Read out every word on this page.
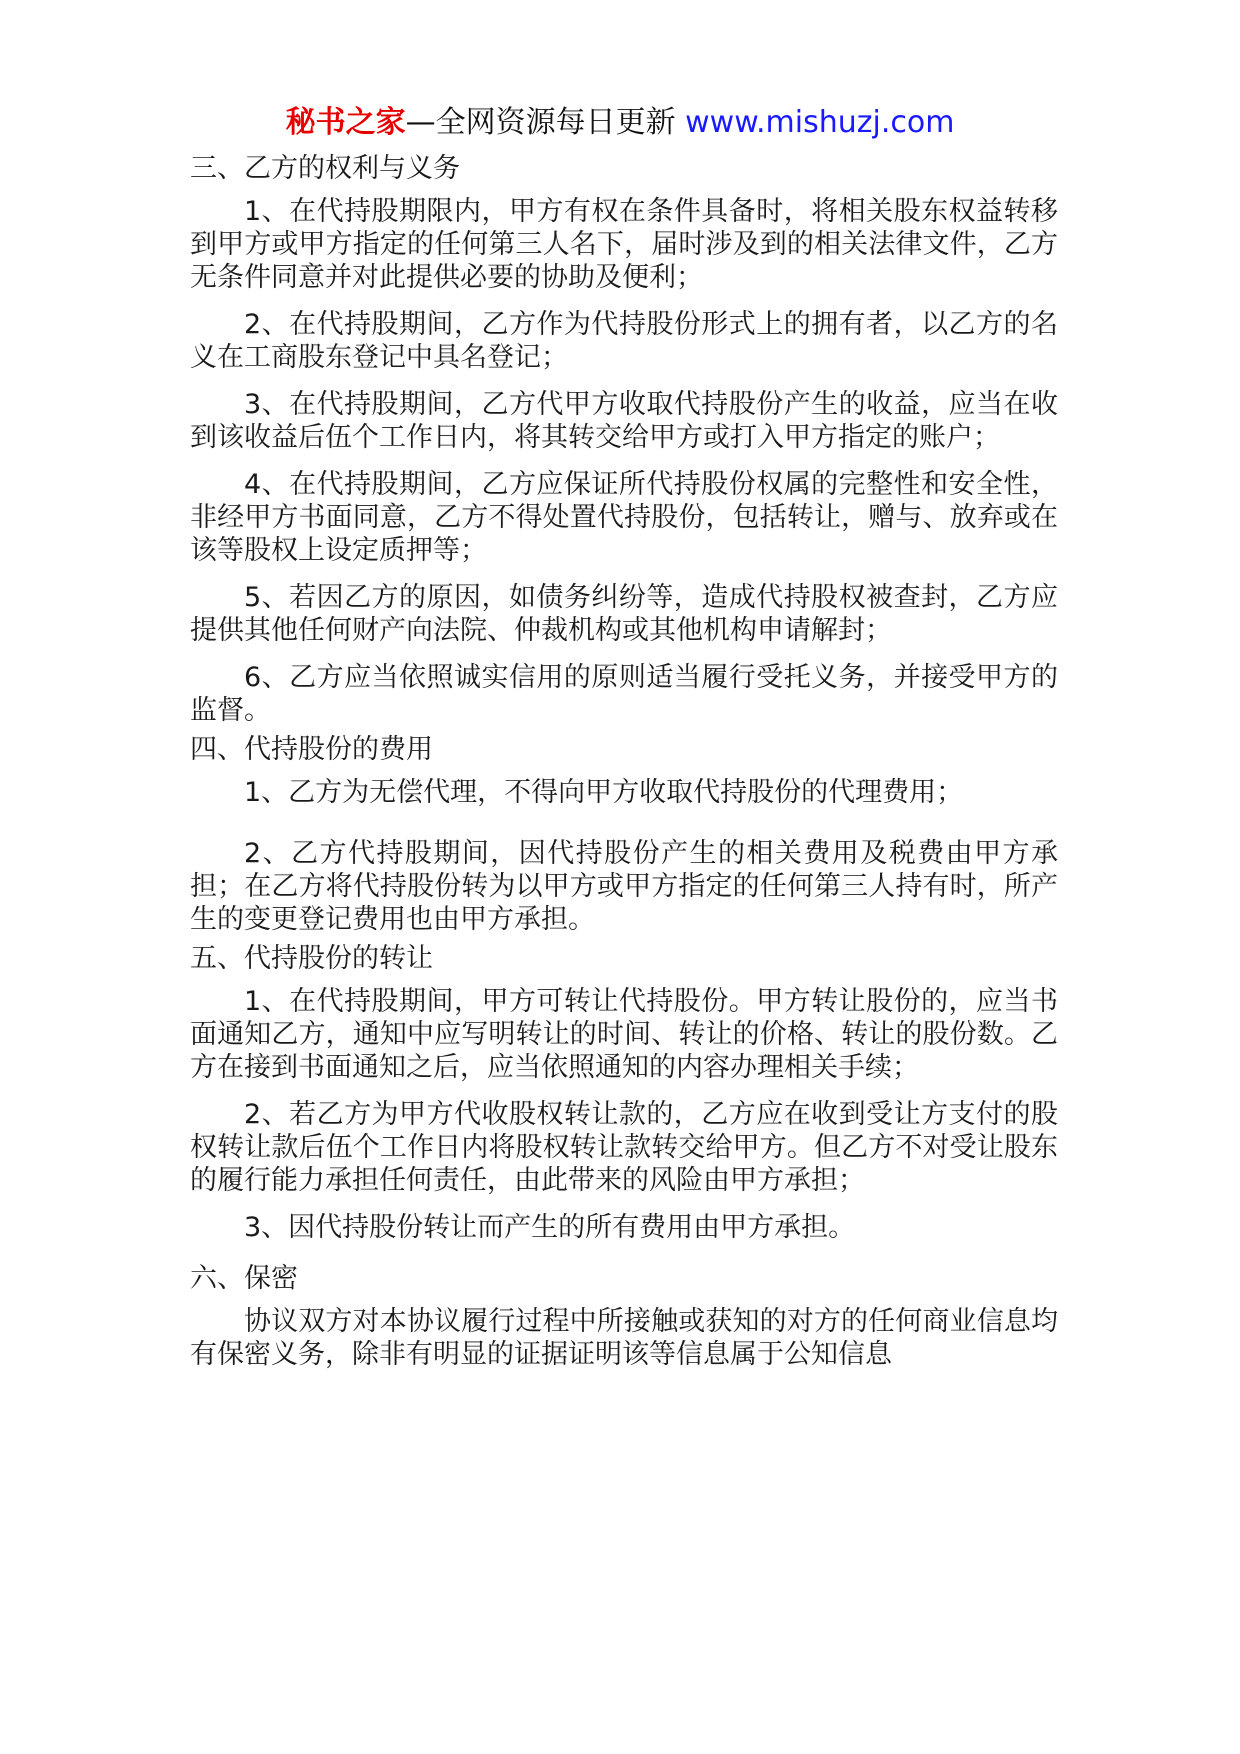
秘书之家—全网资源每日更新 www.mishuzj.com
三、乙方的权利与义务

1、在代持股期限内，甲方有权在条件具备时，将相关股东权益转移到甲方或甲方指定的任何第三人名下，届时涉及到的相关法律文件，乙方无条件同意并对此提供必要的协助及便利；

2、在代持股期间，乙方作为代持股份形式上的拥有者，以乙方的名义在工商股东登记中具名登记；

3、在代持股期间，乙方代甲方收取代持股份产生的收益，应当在收到该收益后伍个工作日内，将其转交给甲方或打入甲方指定的账户；

4、在代持股期间，乙方应保证所代持股份权属的完整性和安全性，非经甲方书面同意，乙方不得处置代持股份，包括转让，赠与、放弃或在该等股权上设定质押等；

5、若因乙方的原因，如债务纠纷等，造成代持股权被查封，乙方应提供其他任何财产向法院、仲裁机构或其他机构申请解封；

6、乙方应当依照诚实信用的原则适当履行受托义务，并接受甲方的监督。

四、代持股份的费用

1、乙方为无偿代理，不得向甲方收取代持股份的代理费用；

2、乙方代持股期间，因代持股份产生的相关费用及税费由甲方承担；在乙方将代持股份转为以甲方或甲方指定的任何第三人持有时，所产生的变更登记费用也由甲方承担。

五、代持股份的转让

1、在代持股期间，甲方可转让代持股份。甲方转让股份的，应当书面通知乙方，通知中应写明转让的时间、转让的价格、转让的股份数。乙方在接到书面通知之后，应当依照通知的内容办理相关手续；

2、若乙方为甲方代收股权转让款的，乙方应在收到受让方支付的股权转让款后伍个工作日内将股权转让款转交给甲方。但乙方不对受让股东的履行能力承担任何责任，由此带来的风险由甲方承担；

3、因代持股份转让而产生的所有费用由甲方承担。

六、保密

协议双方对本协议履行过程中所接触或获知的对方的任何商业信息均有保密义务，除非有明显的证据证明该等信息属于公知信息
